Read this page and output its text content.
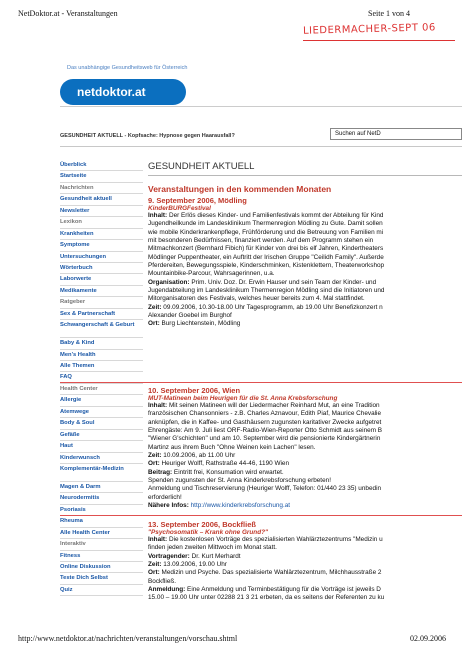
NetDoktor.at - Veranstaltungen	Seite 1 von 4
LIEDERMACHER-SEPT 06
Das unabhängige Gesundheitsweb für Österreich
netdoktor.at
GESUNDHEIT AKTUELL - Kopfsache: Hypnose gegen Haarausfall?	Suchen auf NetD
Überblick
Startseite
Nachrichten
Gesundheit aktuell
Newsletter
Lexikon
Krankheiten
Symptome
Untersuchungen
Wörterbuch
Laborwerte
Medikamente
Ratgeber
Sex & Partnerschaft
Schwangerschaft & Geburt
Baby & Kind
Men's Health
Alle Themen
FAQ
Health Center
Allergie
Atemwege
Body & Soul
Gefäße
Haut
Kinderwunsch
Komplementär-Medizin
Magen & Darm
Neurodermitis
Psoriasis
Rheuma
Alle Health Center
Interaktiv
Fitness
Online Diskussion
Teste Dich Selbst
Quiz
GESUNDHEIT AKTUELL
Veranstaltungen in den kommenden Monaten
9. September 2006, Mödling
KinderBURGFestival
Inhalt: Der Erlös dieses Kinder- und Familienfestivals kommt der Abteilung für Kind
Jugendheilkunde im Landesklinikum Thermenregion Mödling zu Gute. Damit sollen
wie mobile Kinderkrankenpflege, Frühförderung und die Betreuung von Familien mi
mit besonderen Bedürfnissen, finanziert werden. Auf dem Programm stehen ein
Mitmachkonzert (Bernhard Fibich) für Kinder von drei bis elf Jahren, Kindertheaters
Mödlinger Puppentheater, ein Auftritt der Irischen Gruppe "Ceilidh Family". Außerde
Pferdereiten, Bewegungsspiele, Kinderschminken, Kistenklettern, Theaterworkshop
Mountainbike-Parcour, Wahrsagerinnen, u.a.
Organisation: Prim. Univ. Doz. Dr. Erwin Hauser und sein Team der Kinder- und
Jugendabteilung im Landesklinikum Thermenregion Mödling sind die Initiatoren und
Mitorganisatoren des Festivals, welches heuer bereits zum 4. Mal stattfindet.
Zeit: 09.09.2006, 10.30-18.00 Uhr Tagesprogramm, ab 19.00 Uhr Benefizkonzert n
Alexander Goebel im Burghof
Ort: Burg Liechtenstein, Mödling
10. September 2006, Wien
MUT-Matineen beim Heurigen für die St. Anna Krebsforschung
Inhalt: Mit seinen Matineen will der Liedermacher Reinhard Mut, an eine Tradition
französischen Chansonniers - z.B. Charles Aznavour, Edith Piaf, Maurice Chevalie
anknüpfen, die in Kaffee- und Gasthäusern zugunsten karitativer Zwecke aufgetret
Ehrengäste: Am 9. Juli liest ORF-Radio-Wien-Reporter Otto Schmidt aus seinem B
"Wiener G'schichten" und am 10. September wird die pensionierte Kindergärtnerin
Martinz aus ihrem Buch "Ohne Weinen kein Lachen" lesen.
Zeit: 10.09.2006, ab 11.00 Uhr
Ort: Heuriger Wolff, Rathstraße 44-46, 1190 Wien
Beitrag: Eintritt frei, Konsumation wird erwartet.
Spenden zugunsten der St. Anna Kinderkrebsforschung erbeten!
Anmeldung und Tischreservierung (Heuriger Wolff, Telefon: 01/440 23 35) unbedin
erforderlich!
Nähere Infos: http://www.kinderkrebsforschung.at
13. September 2006, Bockfließ
"Psychosomatik – Krank ohne Grund?"
Inhalt: Die kostenlosen Vorträge des spezialisierten Wahlärztezentrums "Medizin u
finden jeden zweiten Mittwoch im Monat statt.
Vortragender: Dr. Kurt Merhardt
Zeit: 13.09.2006, 19.00 Uhr
Ort: Medizin und Psyche. Das spezialisierte Wahlärztezentrum, Milchhausstraße 2
Bockfließ.
Anmeldung: Eine Anmeldung und Terminbestätigung für die Vorträge ist jeweils D
15.00 – 19.00 Uhr unter 02288 21 3 21 erbeten, da es seitens der Referenten zu ku
http://www.netdoktor.at/nachrichten/veranstaltungen/vorschau.shtml	02.09.2006
